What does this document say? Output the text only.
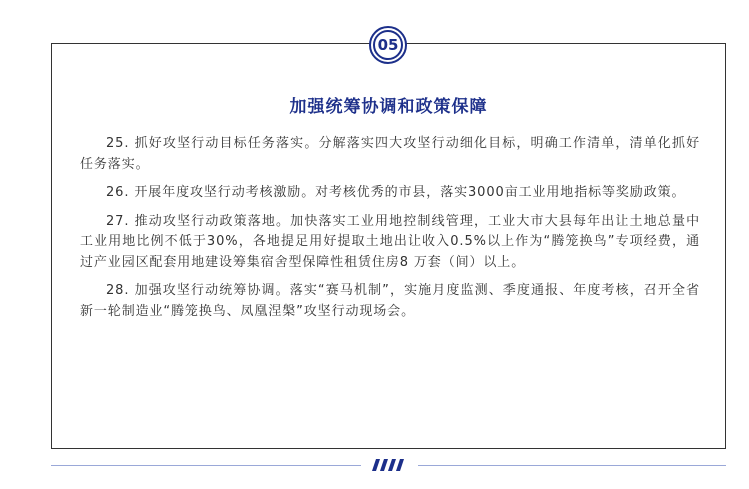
05
加强统筹协调和政策保障

25. 抓好攻坚行动目标任务落实。分解落实四大攻坚行动细化目标，明确工作清单，清单化抓好任务落实。

26. 开展年度攻坚行动考核激励。对考核优秀的市县，落实3000亩工业用地指标等奖励政策。

27. 推动攻坚行动政策落地。加快落实工业用地控制线管理，工业大市大县每年出让土地总量中工业用地比例不低于30%，各地提足用好提取土地出让收入0.5%以上作为“腾笼换鸟”专项经费，通过产业园区配套用地建设筹集宿舍型保障性租赁住房8 万套（间）以上。

28. 加强攻坚行动统筹协调。落实“赛马机制”，实施月度监测、季度通报、年度考核，召开全省新一轮制造业“腾笼换鸟、凤凰涅槃”攻坚行动现场会。
